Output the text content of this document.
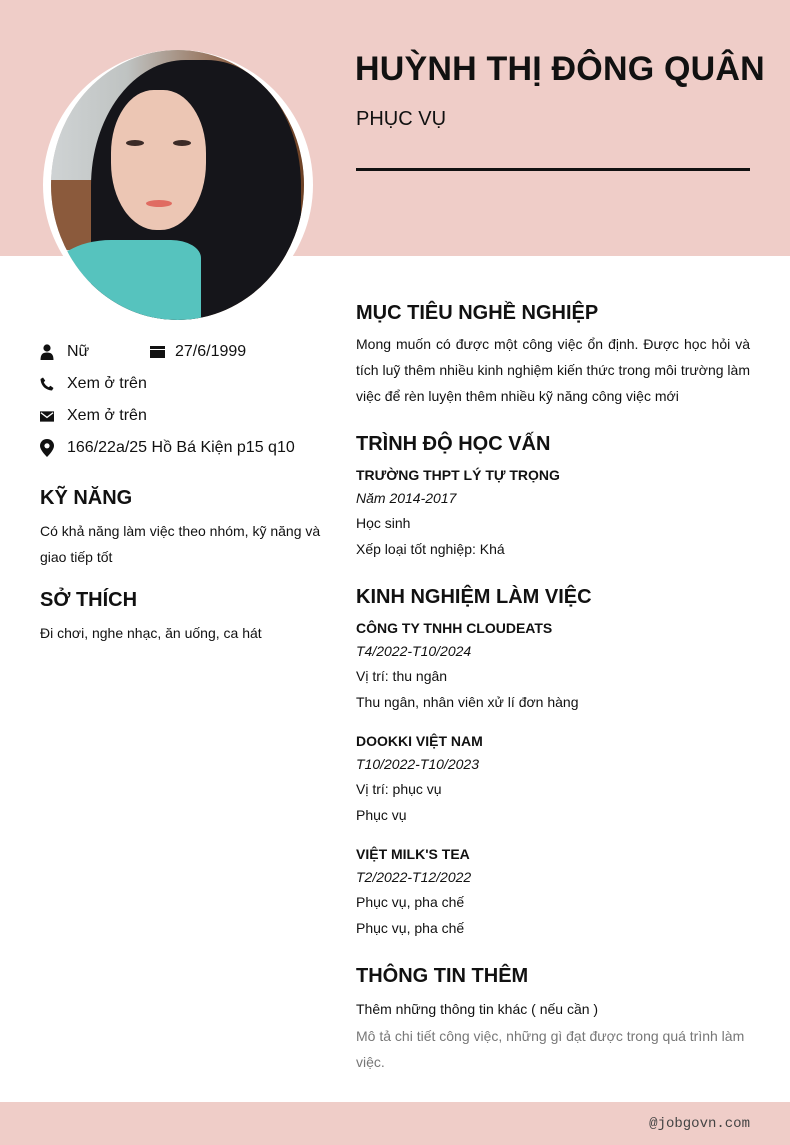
HUỲNH THỊ ĐÔNG QUÂN
PHỤC VỤ
Nữ	27/6/1999
Xem ở trên
Xem ở trên
166/22a/25 Hồ Bá Kiện p15 q10
KỸ NĂNG
Có khả năng làm việc theo nhóm, kỹ năng và giao tiếp tốt
SỞ THÍCH
Đi chơi, nghe nhạc, ăn uống, ca hát
MỤC TIÊU NGHỀ NGHIỆP
Mong muốn có được một công việc ổn định. Được học hỏi và tích luỹ thêm nhiều kinh nghiệm kiến thức trong môi trường làm việc để rèn luyện thêm nhiều kỹ năng công việc mới
TRÌNH ĐỘ HỌC VẤN
TRƯỜNG THPT LÝ TỰ TRỌNG
Năm 2014-2017
Học sinh
Xếp loại tốt nghiệp: Khá
KINH NGHIỆM LÀM VIỆC
CÔNG TY TNHH CLOUDEATS
T4/2022-T10/2024
Vị trí: thu ngân
Thu ngân, nhân viên xử lí đơn hàng
DOOKKI VIỆT NAM
T10/2022-T10/2023
Vị trí: phục vụ
Phục vụ
VIỆT MILK'S TEA
T2/2022-T12/2022
Phục vụ, pha chế
Phục vụ, pha chế
THÔNG TIN THÊM
Thêm những thông tin khác ( nếu cần )
Mô tả chi tiết công việc, những gì đạt được trong quá trình làm việc.
@jobgovn.com
